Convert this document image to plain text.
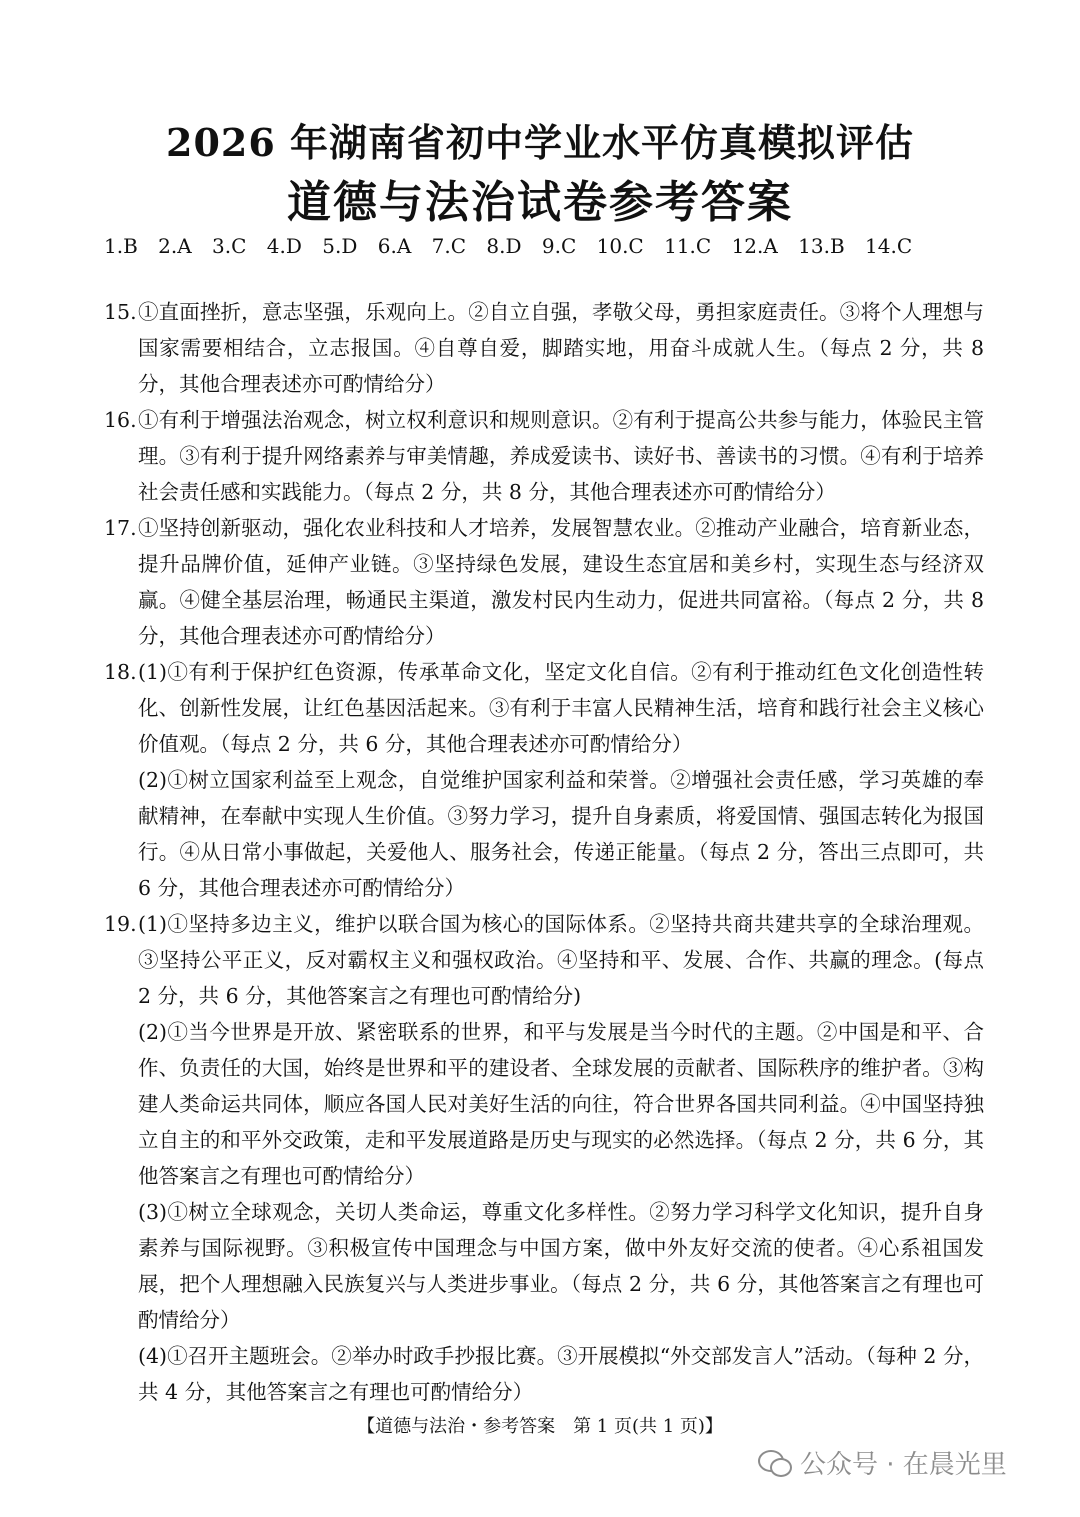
2026 年湖南省初中学业水平仿真模拟评估
道德与法治试卷参考答案
1.B 2.A 3.C 4.D 5.D 6.A 7.C 8.D 9.C 10.C 11.C 12.A 13.B 14.C
15. ①直面挫折，意志坚强，乐观向上。②自立自强，孝敬父母，勇担家庭责任。③将个人理想与国家需要相结合，立志报国。④自尊自爱，脚踏实地，用奋斗成就人生。（每点 2 分，共 8 分，其他合理表述亦可酌情给分）
16. ①有利于增强法治观念，树立权利意识和规则意识。②有利于提高公共参与能力，体验民主管理。③有利于提升网络素养与审美情趣，养成爱读书、读好书、善读书的习惯。④有利于培养社会责任感和实践能力。（每点 2 分，共 8 分，其他合理表述亦可酌情给分）
17. ①坚持创新驱动，强化农业科技和人才培养，发展智慧农业。②推动产业融合，培育新业态，提升品牌价值，延伸产业链。③坚持绿色发展，建设生态宜居和美乡村，实现生态与经济双赢。④健全基层治理，畅通民主渠道，激发村民内生动力，促进共同富裕。（每点 2 分，共 8 分，其他合理表述亦可酌情给分）
18. (1)①有利于保护红色资源，传承革命文化，坚定文化自信。②有利于推动红色文化创造性转化、创新性发展，让红色基因活起来。③有利于丰富人民精神生活，培育和践行社会主义核心价值观。（每点 2 分，共 6 分，其他合理表述亦可酌情给分）
(2)①树立国家利益至上观念，自觉维护国家利益和荣誉。②增强社会责任感，学习英雄的奉献精神，在奉献中实现人生价值。③努力学习，提升自身素质，将爱国情、强国志转化为报国行。④从日常小事做起，关爱他人、服务社会，传递正能量。（每点 2 分，答出三点即可，共 6 分，其他合理表述亦可酌情给分）
19. (1)①坚持多边主义，维护以联合国为核心的国际体系。②坚持共商共建共享的全球治理观。③坚持公平正义，反对霸权主义和强权政治。④坚持和平、发展、合作、共赢的理念。(每点 2 分，共 6 分，其他答案言之有理也可酌情给分)
(2)①当今世界是开放、紧密联系的世界，和平与发展是当今时代的主题。②中国是和平、合作、负责任的大国，始终是世界和平的建设者、全球发展的贡献者、国际秩序的维护者。③构建人类命运共同体，顺应各国人民对美好生活的向往，符合世界各国共同利益。④中国坚持独立自主的和平外交政策，走和平发展道路是历史与现实的必然选择。（每点 2 分，共 6 分，其他答案言之有理也可酌情给分）
(3)①树立全球观念，关切人类命运，尊重文化多样性。②努力学习科学文化知识，提升自身素养与国际视野。③积极宣传中国理念与中国方案，做中外友好交流的使者。④心系祖国发展，把个人理想融入民族复兴与人类进步事业。（每点 2 分，共 6 分，其他答案言之有理也可酌情给分）
(4)①召开主题班会。②举办时政手抄报比赛。③开展模拟“外交部发言人”活动。（每种 2 分，共 4 分，其他答案言之有理也可酌情给分）
【道德与法治・参考答案　第 1 页(共 1 页)】
公众号 · 在晨光里
